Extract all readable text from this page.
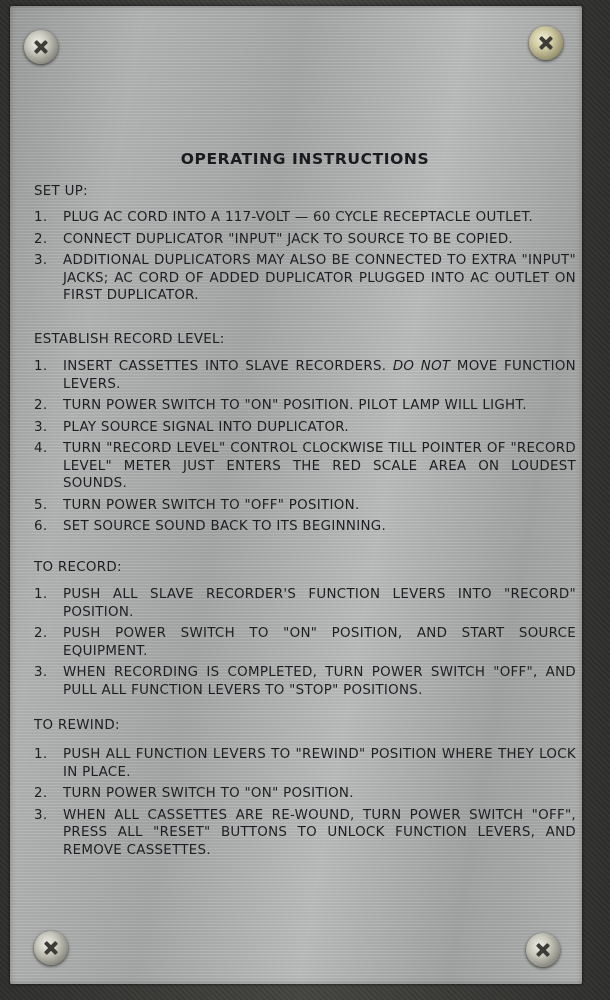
OPERATING INSTRUCTIONS
SET UP:
1. PLUG AC CORD INTO A 117-VOLT — 60 CYCLE RECEPTACLE OUTLET.
2. CONNECT DUPLICATOR "INPUT" JACK TO SOURCE TO BE COPIED.
3. ADDITIONAL DUPLICATORS MAY ALSO BE CONNECTED TO EXTRA "INPUT" JACKS; AC CORD OF ADDED DUPLICATOR PLUGGED INTO AC OUTLET ON FIRST DUPLICATOR.
ESTABLISH RECORD LEVEL:
1. INSERT CASSETTES INTO SLAVE RECORDERS. DO NOT MOVE FUNCTION LEVERS.
2. TURN POWER SWITCH TO "ON" POSITION. PILOT LAMP WILL LIGHT.
3. PLAY SOURCE SIGNAL INTO DUPLICATOR.
4. TURN "RECORD LEVEL" CONTROL CLOCKWISE TILL POINTER OF "RECORD LEVEL" METER JUST ENTERS THE RED SCALE AREA ON LOUDEST SOUNDS.
5. TURN POWER SWITCH TO "OFF" POSITION.
6. SET SOURCE SOUND BACK TO ITS BEGINNING.
TO RECORD:
1. PUSH ALL SLAVE RECORDER'S FUNCTION LEVERS INTO "RECORD" POSITION.
2. PUSH POWER SWITCH TO "ON" POSITION, AND START SOURCE EQUIPMENT.
3. WHEN RECORDING IS COMPLETED, TURN POWER SWITCH "OFF", AND PULL ALL FUNCTION LEVERS TO "STOP" POSITIONS.
TO REWIND:
1. PUSH ALL FUNCTION LEVERS TO "REWIND" POSITION WHERE THEY LOCK IN PLACE.
2. TURN POWER SWITCH TO "ON" POSITION.
3. WHEN ALL CASSETTES ARE RE-WOUND, TURN POWER SWITCH "OFF", PRESS ALL "RESET" BUTTONS TO UNLOCK FUNCTION LEVERS, AND REMOVE CASSETTES.
